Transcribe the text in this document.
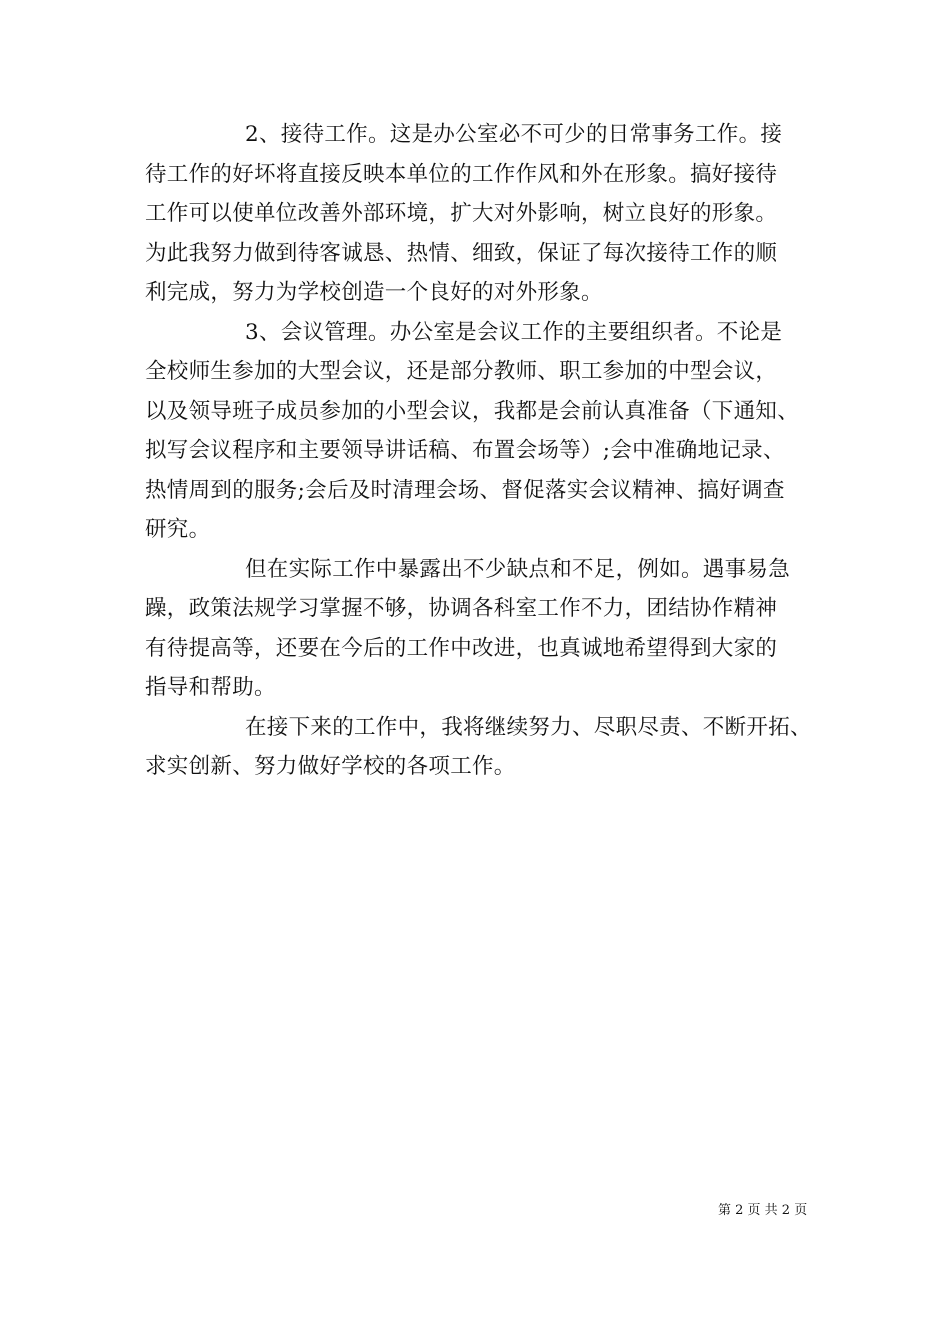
2、接待工作。这是办公室必不可少的日常事务工作。接
待工作的好坏将直接反映本单位的工作作风和外在形象。搞好接待
工作可以使单位改善外部环境，扩大对外影响，树立良好的形象。
为此我努力做到待客诚恳、热情、细致，保证了每次接待工作的顺
利完成，努力为学校创造一个良好的对外形象。
3、会议管理。办公室是会议工作的主要组织者。不论是
全校师生参加的大型会议，还是部分教师、职工参加的中型会议，
以及领导班子成员参加的小型会议，我都是会前认真准备（下通知、
拟写会议程序和主要领导讲话稿、布置会场等）;会中准确地记录、
热情周到的服务;会后及时清理会场、督促落实会议精神、搞好调查
研究。
但在实际工作中暴露出不少缺点和不足，例如。遇事易急
躁，政策法规学习掌握不够，协调各科室工作不力，团结协作精神
有待提高等，还要在今后的工作中改进，也真诚地希望得到大家的
指导和帮助。
在接下来的工作中，我将继续努力、尽职尽责、不断开拓、
求实创新、努力做好学校的各项工作。
第 2 页 共 2 页
